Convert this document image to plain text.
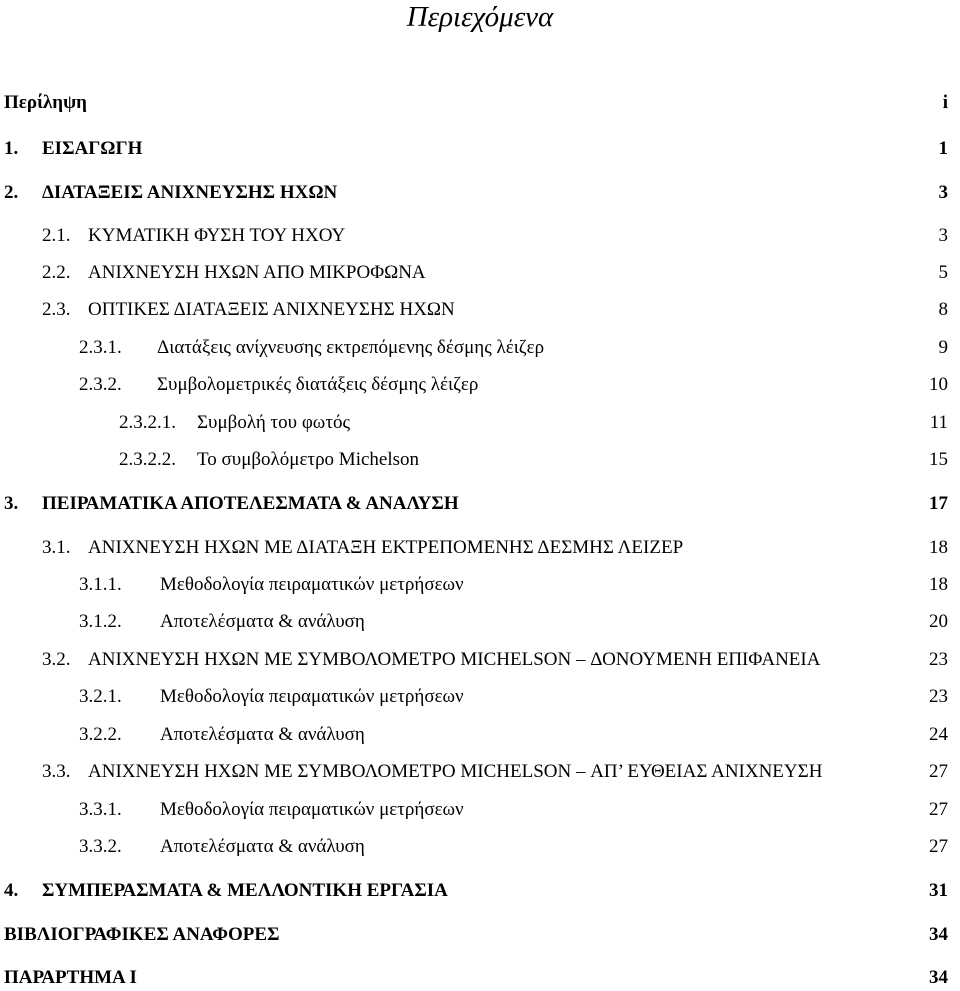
Περιεχόμενα
Περίληψη	i
1. ΕΙΣΑΓΩΓΗ	1
2. ΔΙΑΤΑΞΕΙΣ ΑΝΙΧΝΕΥΣΗΣ ΗΧΩΝ	3
2.1. ΚΥΜΑΤΙΚΗ ΦΥΣΗ ΤΟΥ ΗΧΟΥ	3
2.2. ΑΝΙΧΝΕΥΣΗ ΗΧΩΝ ΑΠΟ ΜΙΚΡΟΦΩΝΑ	5
2.3. ΟΠΤΙΚΕΣ ΔΙΑΤΑΞΕΙΣ ΑΝΙΧΝΕΥΣΗΣ ΗΧΩΝ	8
2.3.1. Διατάξεις ανίχνευσης εκτρεπόμενης δέσμης λέιζερ	9
2.3.2. Συμβολομετρικές διατάξεις δέσμης λέιζερ	10
2.3.2.1. Συμβολή του φωτός	11
2.3.2.2. Το συμβολόμετρο Michelson	15
3. ΠΕΙΡΑΜΑΤΙΚΑ ΑΠΟΤΕΛΕΣΜΑΤΑ & ΑΝΑΛΥΣΗ	17
3.1. ΑΝΙΧΝΕΥΣΗ ΗΧΩΝ ΜΕ ΔΙΑΤΑΞΗ ΕΚΤΡΕΠΟΜΕΝΗΣ ΔΕΣΜΗΣ ΛΕΙΖΕΡ	18
3.1.1. Μεθοδολογία πειραματικών μετρήσεων	18
3.1.2. Αποτελέσματα & ανάλυση	20
3.2. ΑΝΙΧΝΕΥΣΗ ΗΧΩΝ ΜΕ ΣΥΜΒΟΛΟΜΕΤΡΟ MICHELSON – ΔΟΝΟΥΜΕΝΗ ΕΠΙΦΑΝΕΙΑ	23
3.2.1. Μεθοδολογία πειραματικών μετρήσεων	23
3.2.2. Αποτελέσματα & ανάλυση	24
3.3. ΑΝΙΧΝΕΥΣΗ ΗΧΩΝ ΜΕ ΣΥΜΒΟΛΟΜΕΤΡΟ MICHELSON – ΑΠ’ ΕΥΘΕΙΑΣ ΑΝΙΧΝΕΥΣΗ	27
3.3.1. Μεθοδολογία πειραματικών μετρήσεων	27
3.3.2. Αποτελέσματα & ανάλυση	27
4. ΣΥΜΠΕΡΑΣΜΑΤΑ & ΜΕΛΛΟΝΤΙΚΗ ΕΡΓΑΣΙΑ	31
ΒΙΒΛΙΟΓΡΑΦΙΚΕΣ ΑΝΑΦΟΡΕΣ	34
ΠΑΡΑΡΤΗΜΑ Ι	34
